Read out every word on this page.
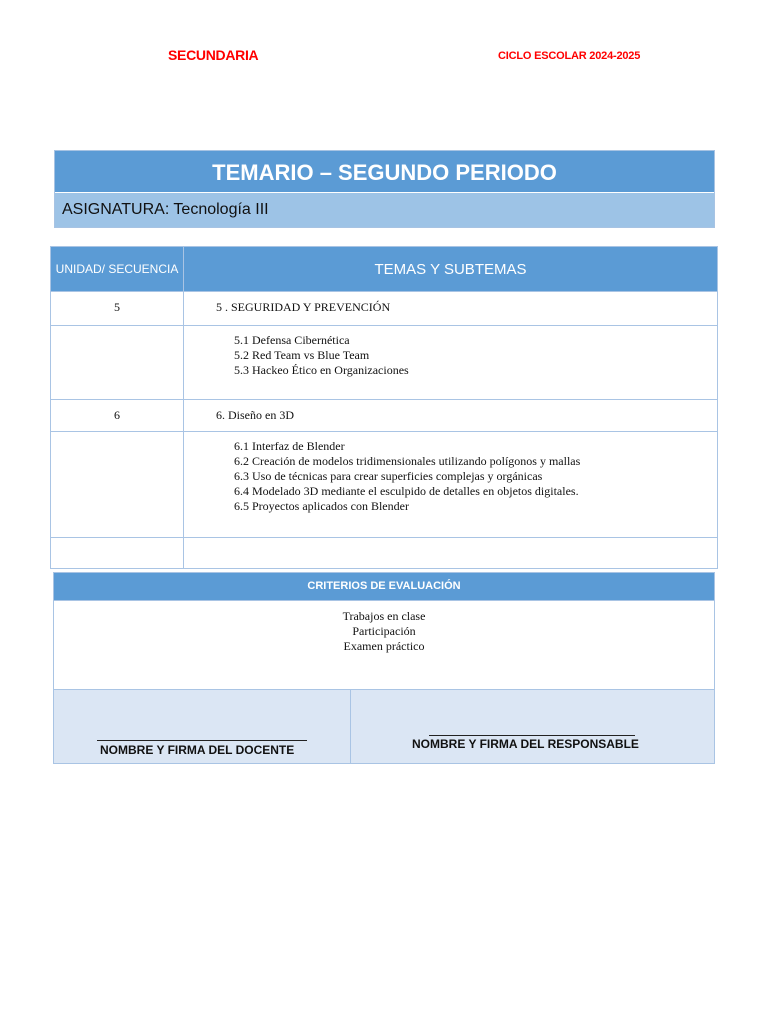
SECUNDARIA	CICLO ESCOLAR 2024-2025
TEMARIO – SEGUNDO PERIODO
ASIGNATURA: Tecnología III
UNIDAD/ SECUENCIA	TEMAS Y SUBTEMAS
5	5 . SEGURIDAD Y PREVENCIÓN

	5.1 Defensa Cibernética
5.2 Red Team vs Blue Team
5.3 Hackeo Ético en Organizaciones

6	6. Diseño en 3D

	6.1 Interfaz de Blender
6.2 Creación de modelos tridimensionales utilizando polígonos y mallas
6.3 Uso de técnicas para crear superficies complejas y orgánicas
6.4 Modelado 3D mediante el esculpido de detalles en objetos digitales.
6.5 Proyectos aplicados con Blender

CRITERIOS DE EVALUACIÓN
Trabajos en clase
Participación
Examen práctico
NOMBRE Y FIRMA DEL DOCENTE	NOMBRE Y FIRMA DEL RESPONSABLE
